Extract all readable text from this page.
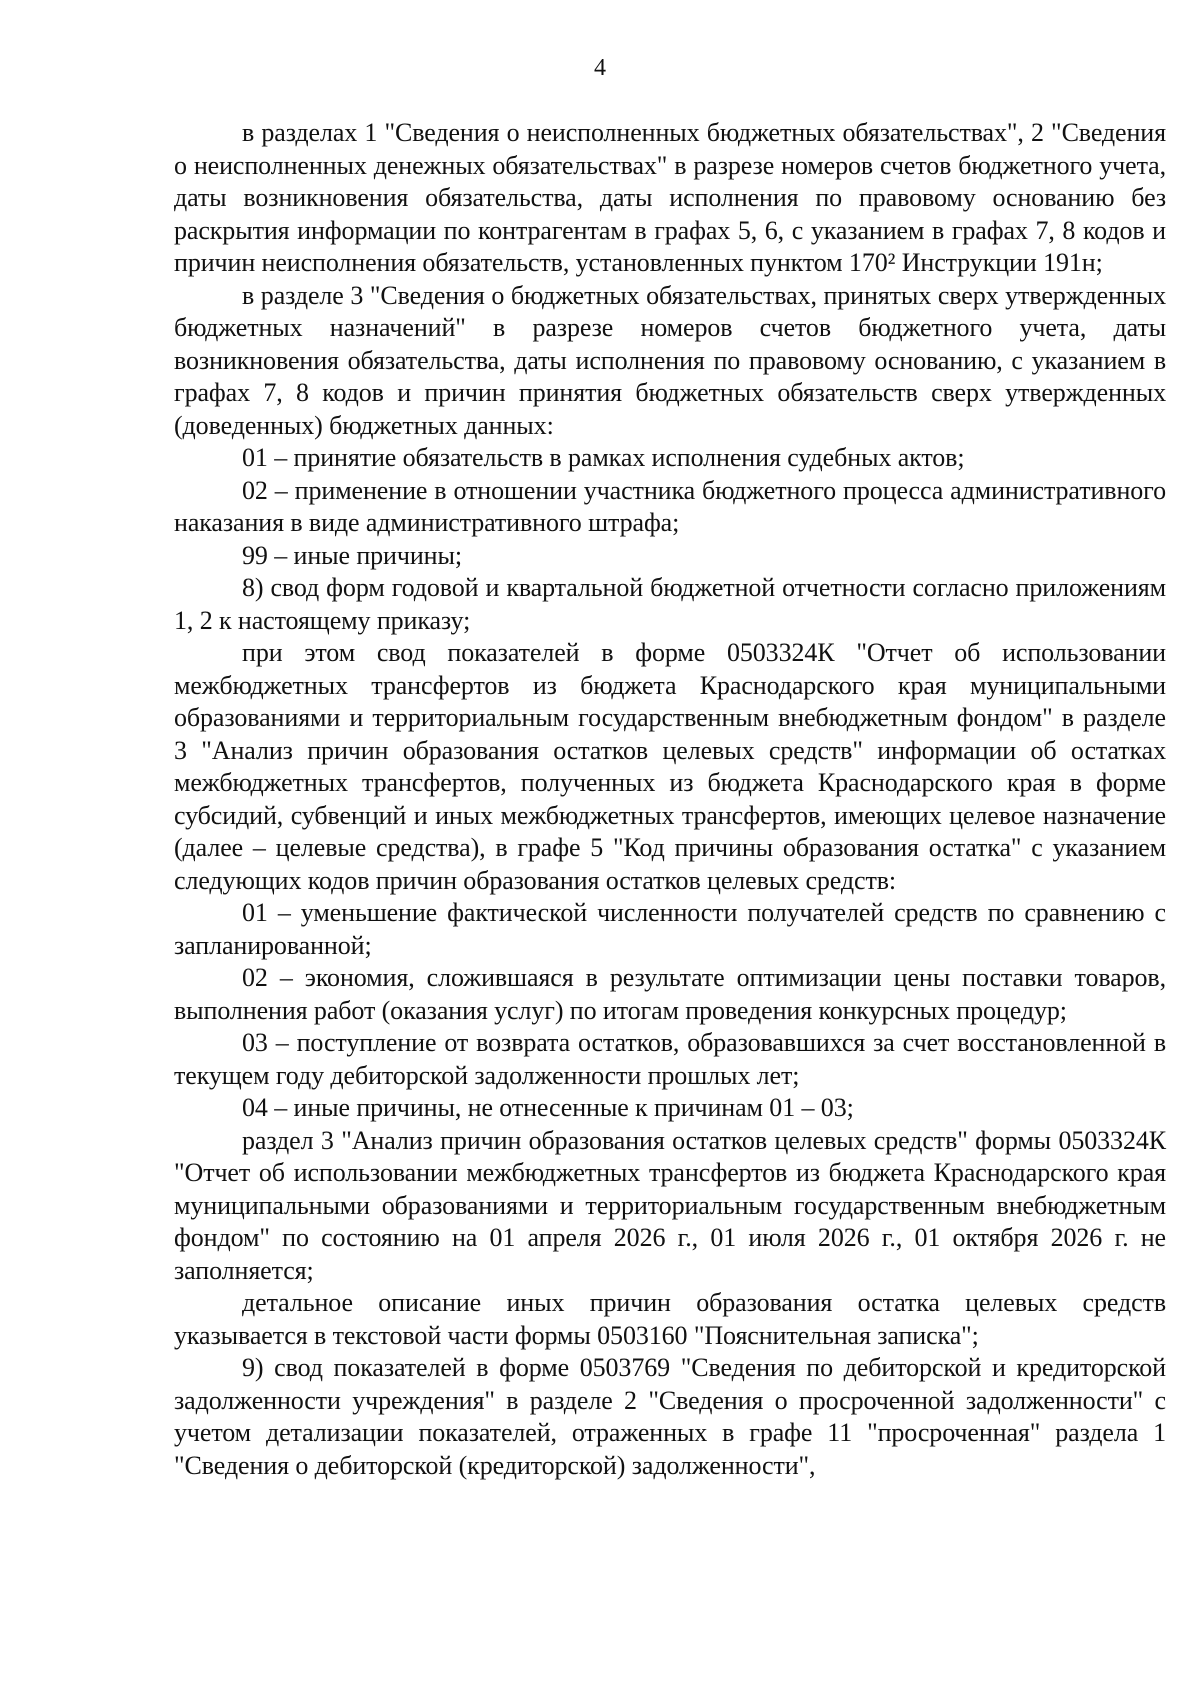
4

в разделах 1 "Сведения о неисполненных бюджетных обязательствах", 2 "Сведения о неисполненных денежных обязательствах" в разрезе номеров счетов бюджетного учета, даты возникновения обязательства, даты исполнения по правовому основанию без раскрытия информации по контрагентам в графах 5, 6, с указанием в графах 7, 8 кодов и причин неисполнения обязательств, установленных пунктом 170² Инструкции 191н;

в разделе 3 "Сведения о бюджетных обязательствах, принятых сверх утвержденных бюджетных назначений" в разрезе номеров счетов бюджетного учета, даты возникновения обязательства, даты исполнения по правовому основанию, с указанием в графах 7, 8 кодов и причин принятия бюджетных обязательств сверх утвержденных (доведенных) бюджетных данных:

01 – принятие обязательств в рамках исполнения судебных актов;

02 – применение в отношении участника бюджетного процесса административного наказания в виде административного штрафа;

99 – иные причины;

8) свод форм годовой и квартальной бюджетной отчетности согласно приложениям 1, 2 к настоящему приказу;

при этом свод показателей в форме 0503324К "Отчет об использовании межбюджетных трансфертов из бюджета Краснодарского края муниципальными образованиями и территориальным государственным внебюджетным фондом" в разделе 3 "Анализ причин образования остатков целевых средств" информации об остатках межбюджетных трансфертов, полученных из бюджета Краснодарского края в форме субсидий, субвенций и иных межбюджетных трансфертов, имеющих целевое назначение (далее – целевые средства), в графе 5 "Код причины образования остатка" с указанием следующих кодов причин образования остатков целевых средств:

01 – уменьшение фактической численности получателей средств по сравнению с запланированной;

02 – экономия, сложившаяся в результате оптимизации цены поставки товаров, выполнения работ (оказания услуг) по итогам проведения конкурсных процедур;

03 – поступление от возврата остатков, образовавшихся за счет восстановленной в текущем году дебиторской задолженности прошлых лет;

04 – иные причины, не отнесенные к причинам 01 – 03;

раздел 3 "Анализ причин образования остатков целевых средств" формы 0503324К "Отчет об использовании межбюджетных трансфертов из бюджета Краснодарского края муниципальными образованиями и территориальным государственным внебюджетным фондом" по состоянию на 01 апреля 2026 г., 01 июля 2026 г., 01 октября 2026 г. не заполняется;

детальное описание иных причин образования остатка целевых средств указывается в текстовой части формы 0503160 "Пояснительная записка";

9) свод показателей в форме 0503769 "Сведения по дебиторской и кредиторской задолженности учреждения" в разделе 2 "Сведения о просроченной задолженности" с учетом детализации показателей, отраженных в графе 11 "просроченная" раздела 1 "Сведения о дебиторской (кредиторской) задолженности",
